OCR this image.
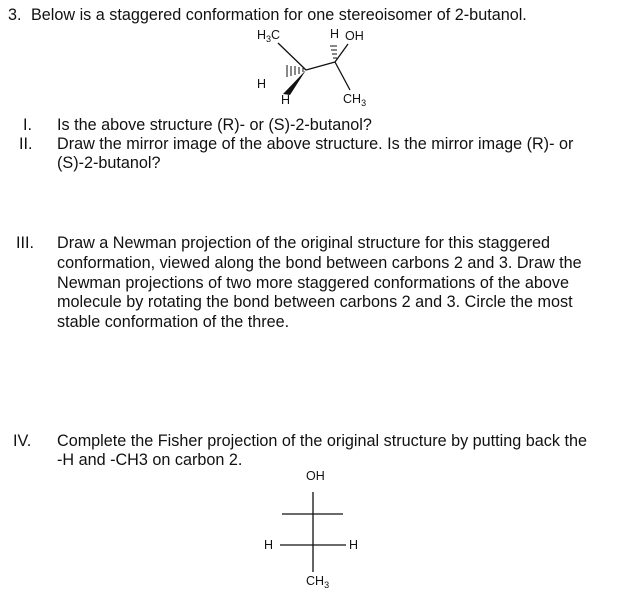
3. Below is a staggered conformation for one stereoisomer of 2-butanol.
$H_3C$	H OH
H
H	$CH_3$
I. Is the above structure (R)- or (S)-2-butanol?
II. Draw the mirror image of the above structure. Is the mirror image (R)- or
(S)-2-butanol?
III. Draw a Newman projection of the original structure for this staggered
conformation, viewed along the bond between carbons 2 and 3. Draw the
Newman projections of two more staggered conformations of the above
molecule by rotating the bond between carbons 2 and 3. Circle the most
stable conformation of the three.
IV. Complete the Fisher projection of the original structure by putting back the
-H and -CH3 on carbon 2.
OH
H	H
$CH_3$
